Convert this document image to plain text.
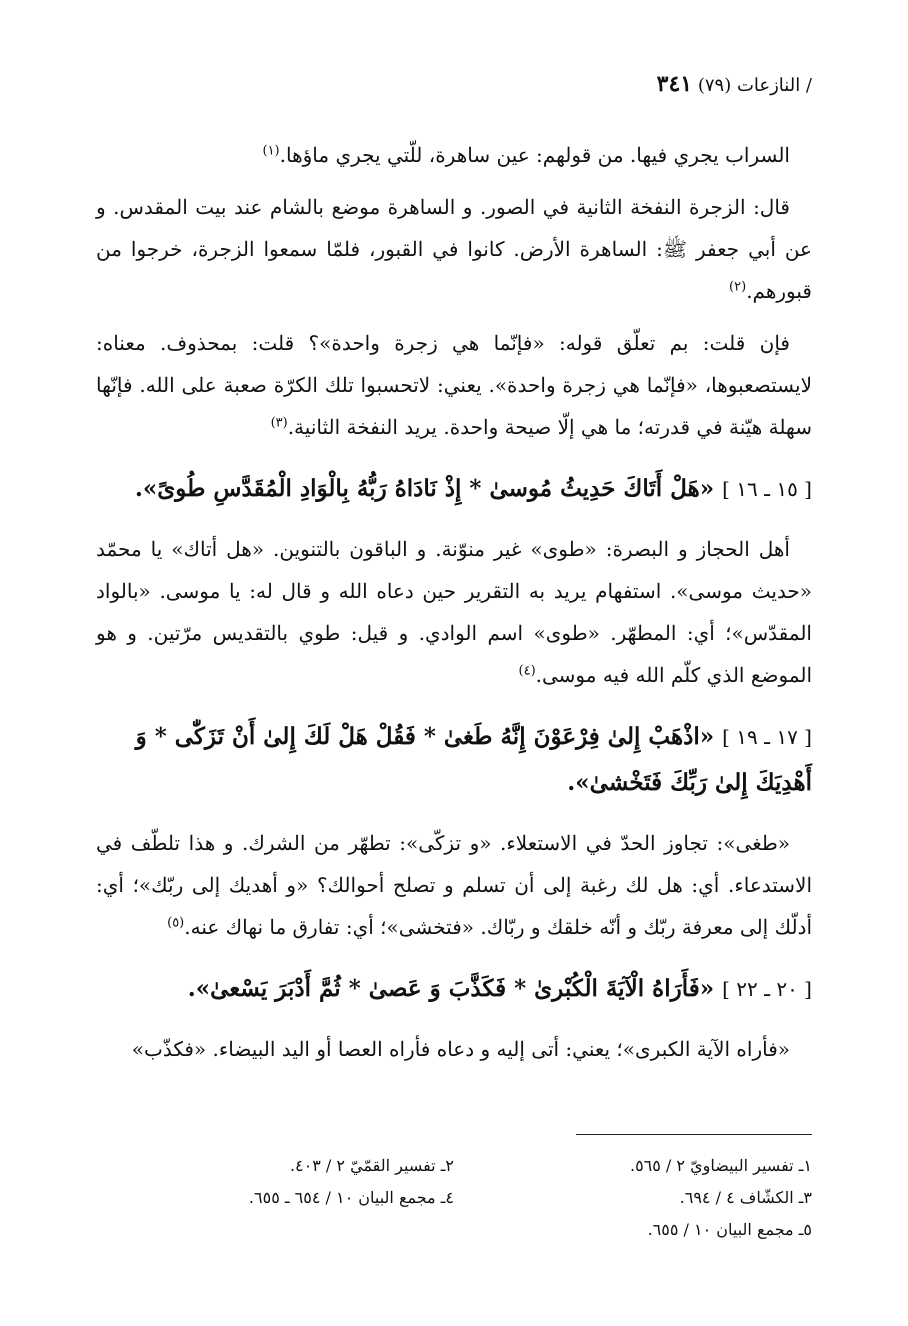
/ النازعات (٧٩) ٣٤١

السراب يجري فيها. من قولهم: عين ساهرة، للّتي يجري ماؤها.$^{(١)}$

قال: الزجرة النفخة الثانية في الصور. و الساهرة موضع بالشام عند بيت المقدس. و عن أبي جعفر ﷺ: الساهرة الأرض. كانوا في القبور، فلمّا سمعوا الزجرة، خرجوا من قبورهم.$^{(٢)}$

فإن قلت: بم تعلّق قوله: «فإنّما هي زجرة واحدة»؟ قلت: بمحذوف. معناه: لايستصعبوها، «فإنّما هي زجرة واحدة». يعني: لاتحسبوا تلك الكرّة صعبة على الله. فإنّها سهلة هيّنة في قدرته؛ ما هي إلّا صيحة واحدة. يريد النفخة الثانية.$^{(٣)}$

[ ١٥ ـ ١٦ ] «هَلْ أَتَاكَ حَدِيثُ مُوسىٰ * إِذْ نَادَاهُ رَبُّهُ بِالْوَادِ الْمُقَدَّسِ طُوىً».

أهل الحجاز و البصرة: «طوى» غير منوّنة. و الباقون بالتنوين. «هل أتاك» يا محمّد «حديث موسى». استفهام يريد به التقرير حين دعاه الله و قال له: يا موسى. «بالواد المقدّس»؛ أي: المطهّر. «طوى» اسم الوادي. و قيل: طوي بالتقديس مرّتين. و هو الموضع الذي كلّم الله فيه موسى.$^{(٤)}$

[ ١٧ ـ ١٩ ] «اذْهَبْ إِلىٰ فِرْعَوْنَ إِنَّهُ طَغىٰ * فَقُلْ هَلْ لَكَ إِلىٰ أَنْ تَزَكّٰى * وَ أَهْدِيَكَ إِلىٰ رَبِّكَ فَتَخْشىٰ».

«طغى»: تجاوز الحدّ في الاستعلاء. «و تزكّى»: تطهّر من الشرك. و هذا تلطّف في الاستدعاء. أي: هل لك رغبة إلى أن تسلم و تصلح أحوالك؟ «و أهديك إلى ربّك»؛ أي: أدلّك إلى معرفة ربّك و أنّه خلقك و ربّاك. «فتخشى»؛ أي: تفارق ما نهاك عنه.$^{(٥)}$

[ ٢٠ ـ ٢٢ ] «فَأَرَاهُ الْآيَةَ الْكُبْرىٰ * فَكَذَّبَ وَ عَصىٰ * ثُمَّ أَدْبَرَ يَسْعىٰ».

«فأراه الآية الكبرى»؛ يعني: أتى إليه و دعاه فأراه العصا أو اليد البيضاء. «فكذّب»

١ـ تفسير البيضاويّ ٢ / ٥٦٥.
٢ـ تفسير القمّيّ ٢ / ٤٠٣.
٣ـ الكشّاف ٤ / ٦٩٤.
٤ـ مجمع البيان ١٠ / ٦٥٤ ـ ٦٥٥.
٥ـ مجمع البيان ١٠ / ٦٥٥.
